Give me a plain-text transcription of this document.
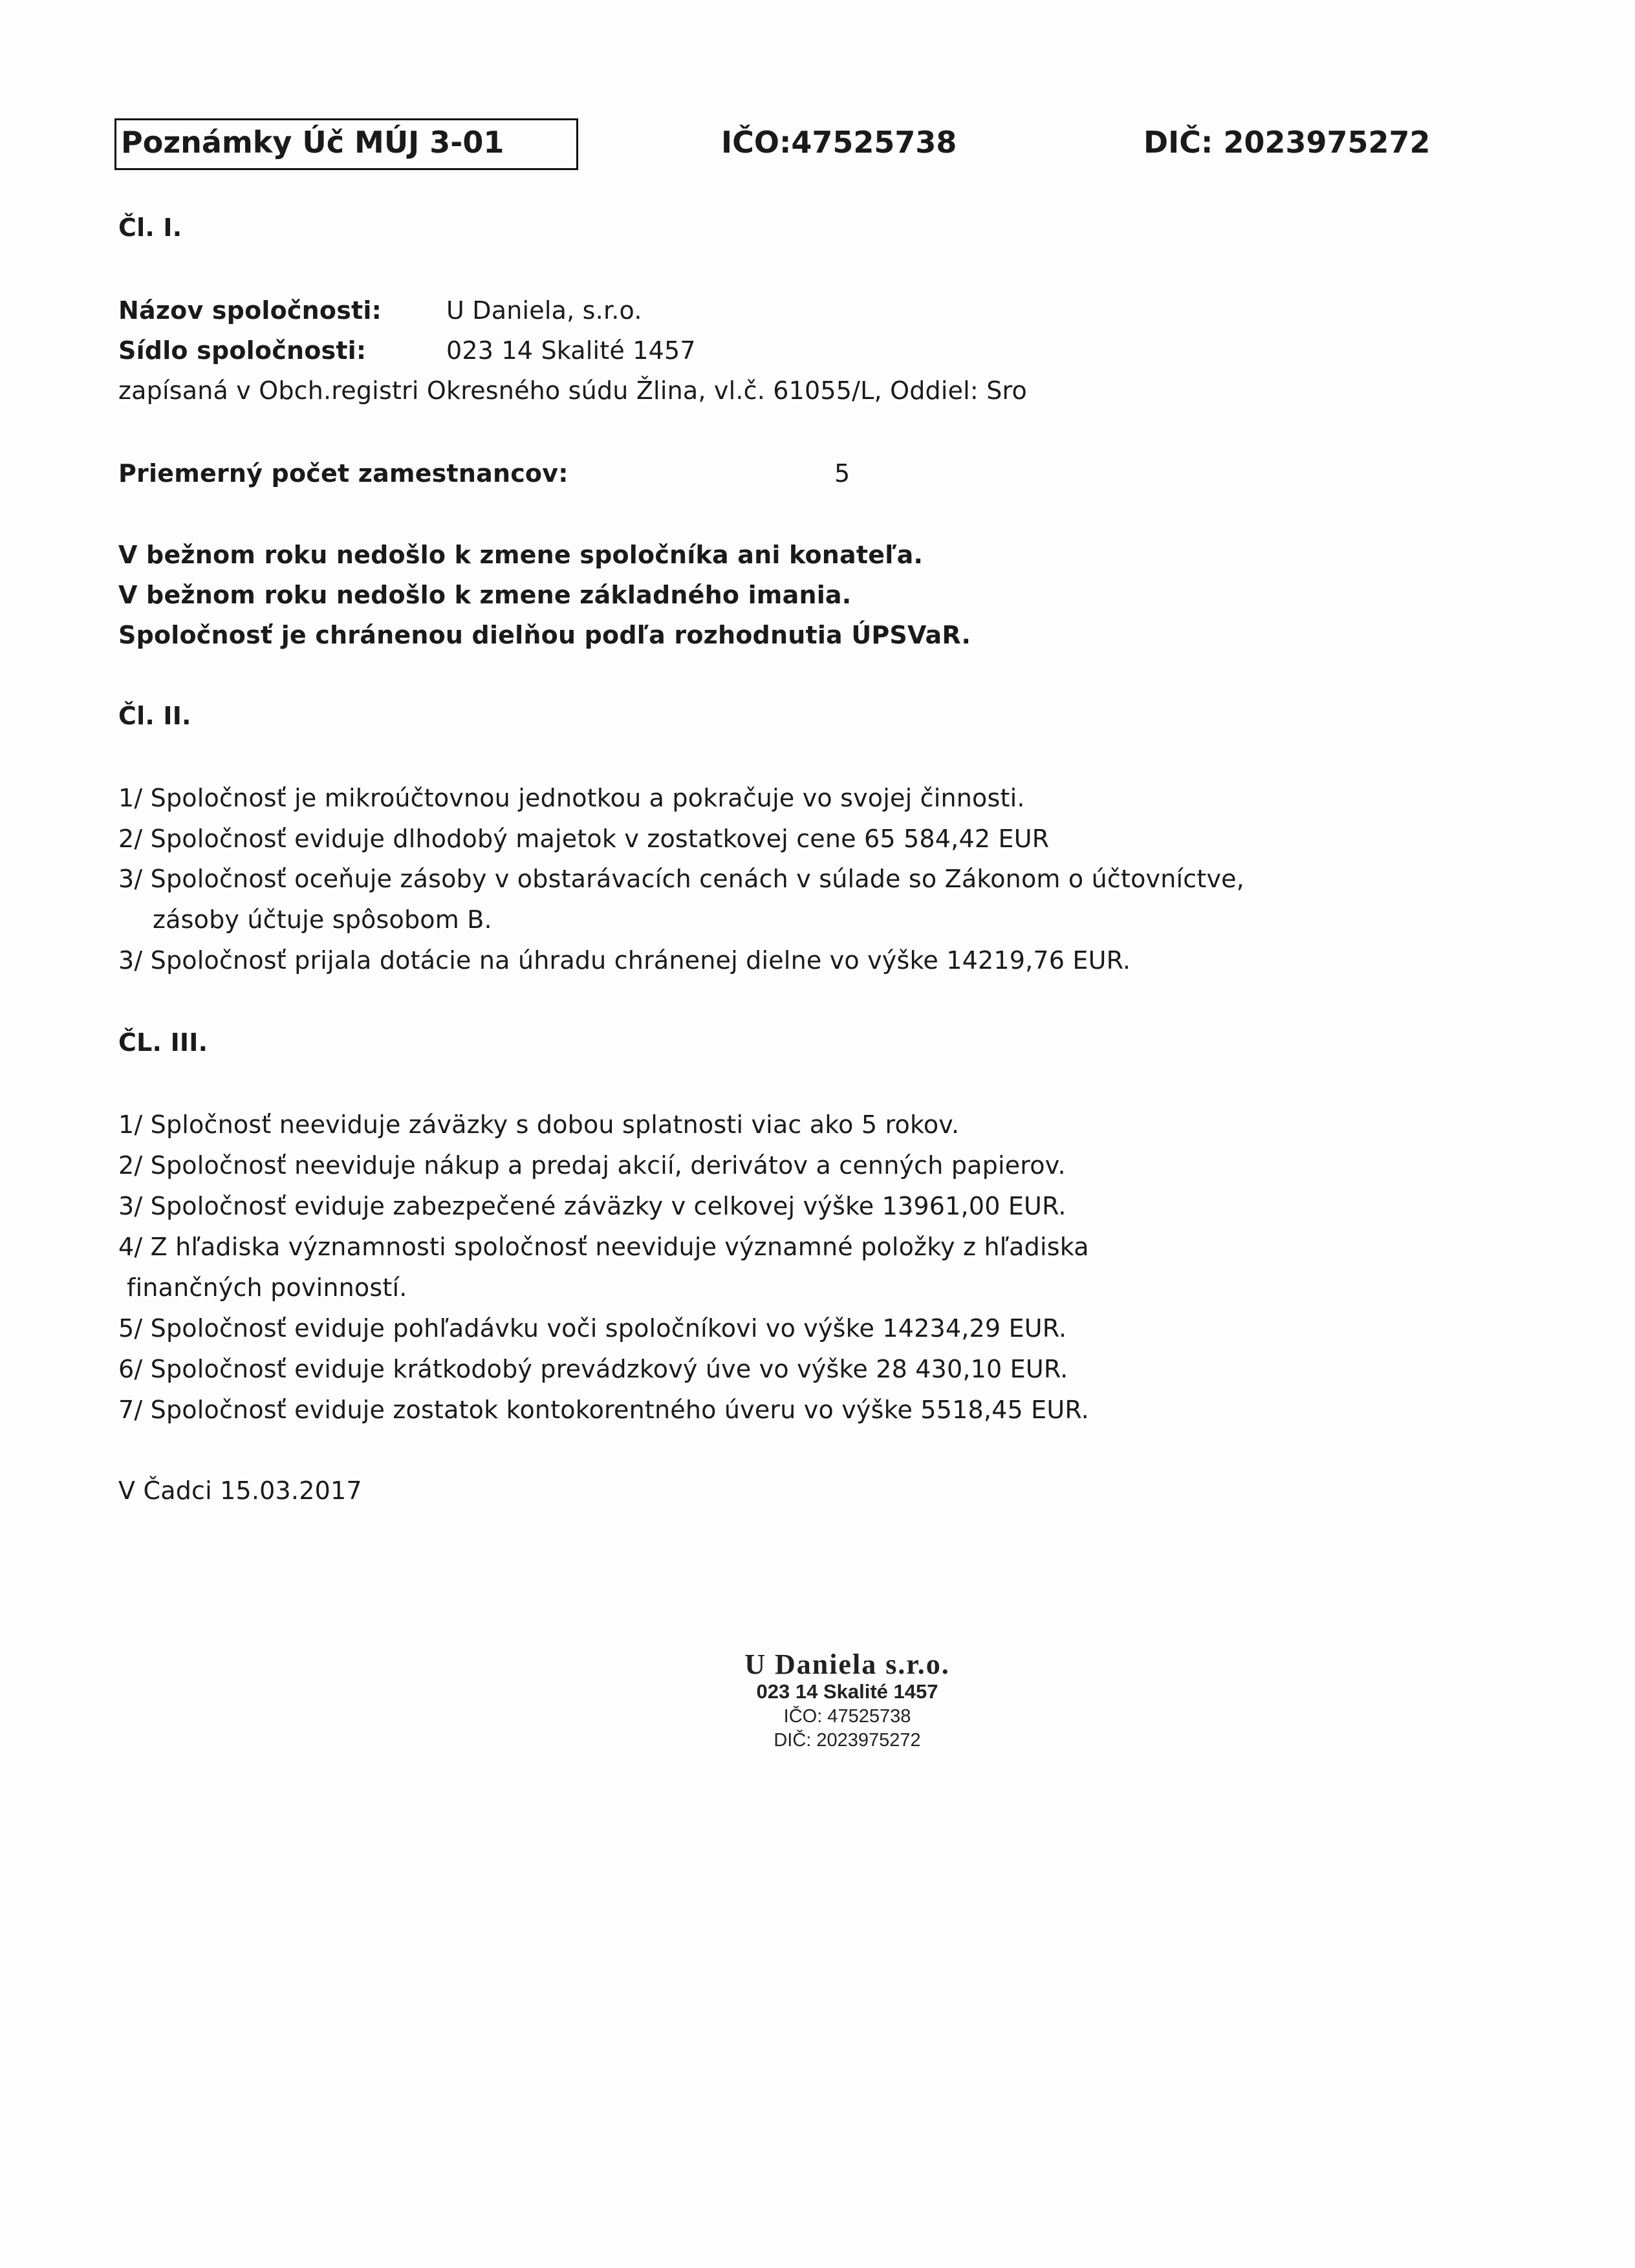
Poznámky Úč MÚJ 3-01	IČO:47525738	DIČ: 2023975272
Čl. I.
Názov spoločnosti:	U Daniela, s.r.o.
Sídlo spoločnosti:	023 14 Skalité 1457
zapísaná v Obch.registri Okresného súdu Žlina, vl.č. 61055/L, Oddiel: Sro
Priemerný počet zamestnancov:	5
V bežnom roku nedošlo k zmene spoločníka ani konateľa.
V bežnom roku nedošlo k zmene základného imania.
Spoločnosť je chránenou dielňou podľa rozhodnutia ÚPSVaR.
Čl. II.
1/ Spoločnosť je mikroúčtovnou jednotkou a pokračuje vo svojej činnosti.
2/ Spoločnosť eviduje dlhodobý majetok v zostatkovej cene 65 584,42 EUR
3/ Spoločnosť oceňuje zásoby v obstarávacích cenách v súlade so Zákonom o účtovníctve,
zásoby účtuje spôsobom B.
3/ Spoločnosť prijala dotácie na úhradu chránenej dielne vo výške 14219,76 EUR.
ČL. III.
1/ Splоčnosť neeviduje záväzky s dobou splatnosti viac ako 5 rokov.
2/ Spoločnosť neeviduje nákup a predaj akcií, derivátov a cenných papierov.
3/ Spoločnosť eviduje zabezpečené záväzky v celkovej výške 13961,00 EUR.
4/ Z hľadiska významnosti spoločnosť neeviduje významné položky z hľadiska
finančných povinností.
5/ Spoločnosť eviduje pohľadávku voči spoločníkovi vo výške 14234,29 EUR.
6/ Spoločnosť eviduje krátkodobý prevádzkový úve vo výške 28 430,10 EUR.
7/ Spoločnosť eviduje zostatok kontokorentného úveru vo výške 5518,45 EUR.
V Čadci 15.03.2017
U Daniela s.r.o.
023 14 Skalité 1457
IČO: 47525738
DIČ: 2023975272
